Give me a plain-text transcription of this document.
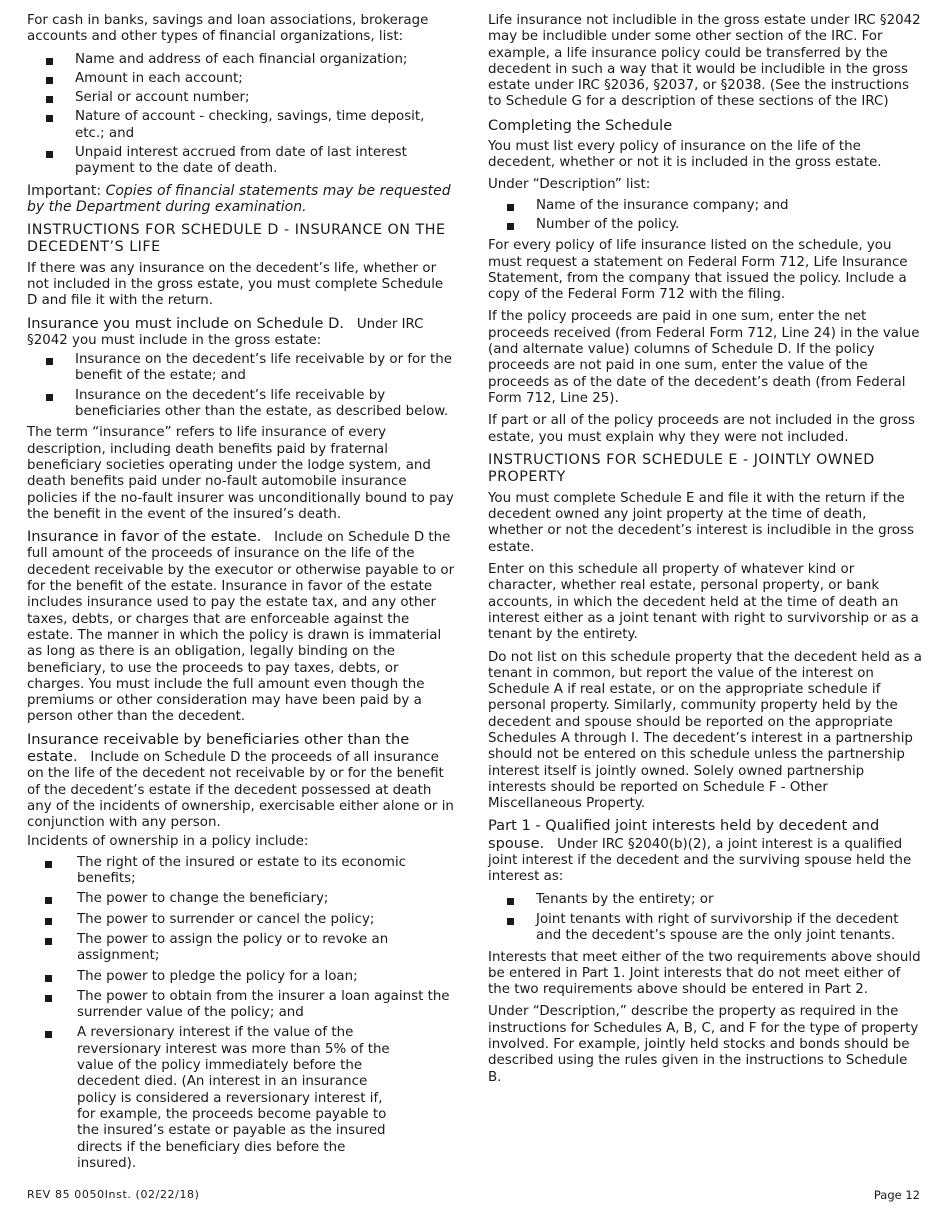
For cash in banks, savings and loan associations, brokerage accounts and other types of financial organizations, list:

Name and address of each financial organization;
Amount in each account;
Serial or account number;
Nature of account - checking, savings, time deposit, etc.; and
Unpaid interest accrued from date of last interest payment to the date of death.

Important: Copies of financial statements may be requested by the Department during examination.

INSTRUCTIONS FOR SCHEDULE D - INSURANCE ON THE DECEDENT’S LIFE

If there was any insurance on the decedent’s life, whether or not included in the gross estate, you must complete Schedule D and file it with the return.

Insurance you must include on Schedule D. Under IRC §2042 you must include in the gross estate:

Insurance on the decedent’s life receivable by or for the benefit of the estate; and
Insurance on the decedent’s life receivable by beneficiaries other than the estate, as described below.

The term “insurance” refers to life insurance of every description, including death benefits paid by fraternal beneficiary societies operating under the lodge system, and death benefits paid under no-fault automobile insurance policies if the no-fault insurer was unconditionally bound to pay the benefit in the event of the insured’s death.

Insurance in favor of the estate. Include on Schedule D the full amount of the proceeds of insurance on the life of the decedent receivable by the executor or otherwise payable to or for the benefit of the estate. Insurance in favor of the estate includes insurance used to pay the estate tax, and any other taxes, debts, or charges that are enforceable against the estate. The manner in which the policy is drawn is immaterial as long as there is an obligation, legally binding on the beneficiary, to use the proceeds to pay taxes, debts, or charges. You must include the full amount even though the premiums or other consideration may have been paid by a person other than the decedent.

Insurance receivable by beneficiaries other than the estate. Include on Schedule D the proceeds of all insurance on the life of the decedent not receivable by or for the benefit of the decedent’s estate if the decedent possessed at death any of the incidents of ownership, exercisable either alone or in conjunction with any person.

Incidents of ownership in a policy include:

The right of the insured or estate to its economic benefits;
The power to change the beneficiary;
The power to surrender or cancel the policy;
The power to assign the policy or to revoke an assignment;
The power to pledge the policy for a loan;
The power to obtain from the insurer a loan against the surrender value of the policy; and
A reversionary interest if the value of the reversionary interest was more than 5% of the value of the policy immediately before the decedent died. (An interest in an insurance policy is considered a reversionary interest if, for example, the proceeds become payable to the insured’s estate or payable as the insured directs if the beneficiary dies before the insured).

Life insurance not includible in the gross estate under IRC §2042 may be includible under some other section of the IRC. For example, a life insurance policy could be transferred by the decedent in such a way that it would be includible in the gross estate under IRC §2036, §2037, or §2038. (See the instructions to Schedule G for a description of these sections of the IRC)

Completing the Schedule

You must list every policy of insurance on the life of the decedent, whether or not it is included in the gross estate.

Under “Description” list:

Name of the insurance company; and
Number of the policy.

For every policy of life insurance listed on the schedule, you must request a statement on Federal Form 712, Life Insurance Statement, from the company that issued the policy. Include a copy of the Federal Form 712 with the filing.

If the policy proceeds are paid in one sum, enter the net proceeds received (from Federal Form 712, Line 24) in the value (and alternate value) columns of Schedule D. If the policy proceeds are not paid in one sum, enter the value of the proceeds as of the date of the decedent’s death (from Federal Form 712, Line 25).

If part or all of the policy proceeds are not included in the gross estate, you must explain why they were not included.

INSTRUCTIONS FOR SCHEDULE E - JOINTLY OWNED PROPERTY

You must complete Schedule E and file it with the return if the decedent owned any joint property at the time of death, whether or not the decedent’s interest is includible in the gross estate.

Enter on this schedule all property of whatever kind or character, whether real estate, personal property, or bank accounts, in which the decedent held at the time of death an interest either as a joint tenant with right to survivorship or as a tenant by the entirety.

Do not list on this schedule property that the decedent held as a tenant in common, but report the value of the interest on Schedule A if real estate, or on the appropriate schedule if personal property. Similarly, community property held by the decedent and spouse should be reported on the appropriate Schedules A through I. The decedent’s interest in a partnership should not be entered on this schedule unless the partnership interest itself is jointly owned. Solely owned partnership interests should be reported on Schedule F - Other Miscellaneous Property.

Part 1 - Qualified joint interests held by decedent and spouse. Under IRC §2040(b)(2), a joint interest is a qualified joint interest if the decedent and the surviving spouse held the interest as:

Tenants by the entirety; or
Joint tenants with right of survivorship if the decedent and the decedent’s spouse are the only joint tenants.

Interests that meet either of the two requirements above should be entered in Part 1. Joint interests that do not meet either of the two requirements above should be entered in Part 2.

Under “Description,” describe the property as required in the instructions for Schedules A, B, C, and F for the type of property involved. For example, jointly held stocks and bonds should be described using the rules given in the instructions to Schedule B.

REV 85 0050Inst. (02/22/18)	Page 12
